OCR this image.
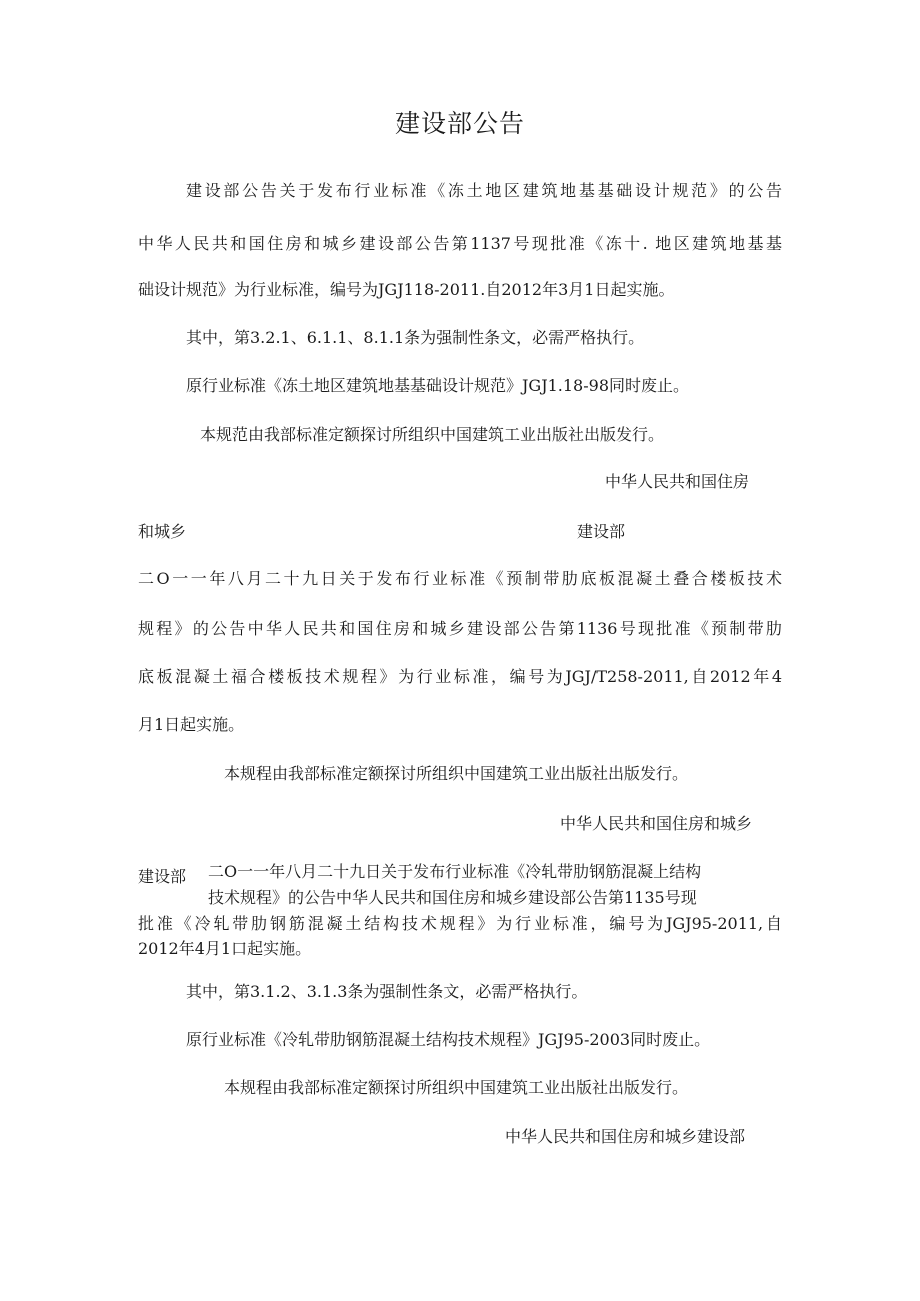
建设部公告
建设部公告关于发布行业标准《冻土地区建筑地基基础设计规范》的公告
中华人民共和国住房和城乡建设部公告第1137号现批准《冻十. 地区建筑地基基
础设计规范》为行业标准，编号为JGJ118-2011.自2012年3月1日起实施。
其中，第3.2.1、6.1.1、8.1.1条为强制性条文，必需严格执行。
原行业标准《冻土地区建筑地基基础设计规范》JGJ1.18-98同时废止。
本规范由我部标准定额探讨所组织中国建筑工业出版社出版发行。
中华人民共和国住房
和城乡	建设部
二O一一年八月二十九日关于发布行业标准《预制带肋底板混凝土叠合楼板技术
规程》的公告中华人民共和国住房和城乡建设部公告第1136号现批准《预制带肋
底板混凝土福合楼板技术规程》为行业标准，编号为JGJ/T258-2011,自2012年4
月1日起实施。
本规程由我部标准定额探讨所组织中国建筑工业出版社出版发行。
中华人民共和国住房和城乡
建设部 二O一一年八月二十九日关于发布行业标准《冷轧带肋钢筋混凝上结构
技术规程》的公告中华人民共和国住房和城乡建设部公告第1135号现
批准《冷轧带肋钢筋混凝土结构技术规程》为行业标准，编号为JGJ95-2011,自
2012年4月1口起实施。
其中，第3.1.2、3.1.3条为强制性条文，必需严格执行。
原行业标准《冷轧带肋钢筋混凝土结构技术规程》JGJ95-2003同时废止。
本规程由我部标准定额探讨所组织中国建筑工业出版社出版发行。
中华人民共和国住房和城乡建设部
